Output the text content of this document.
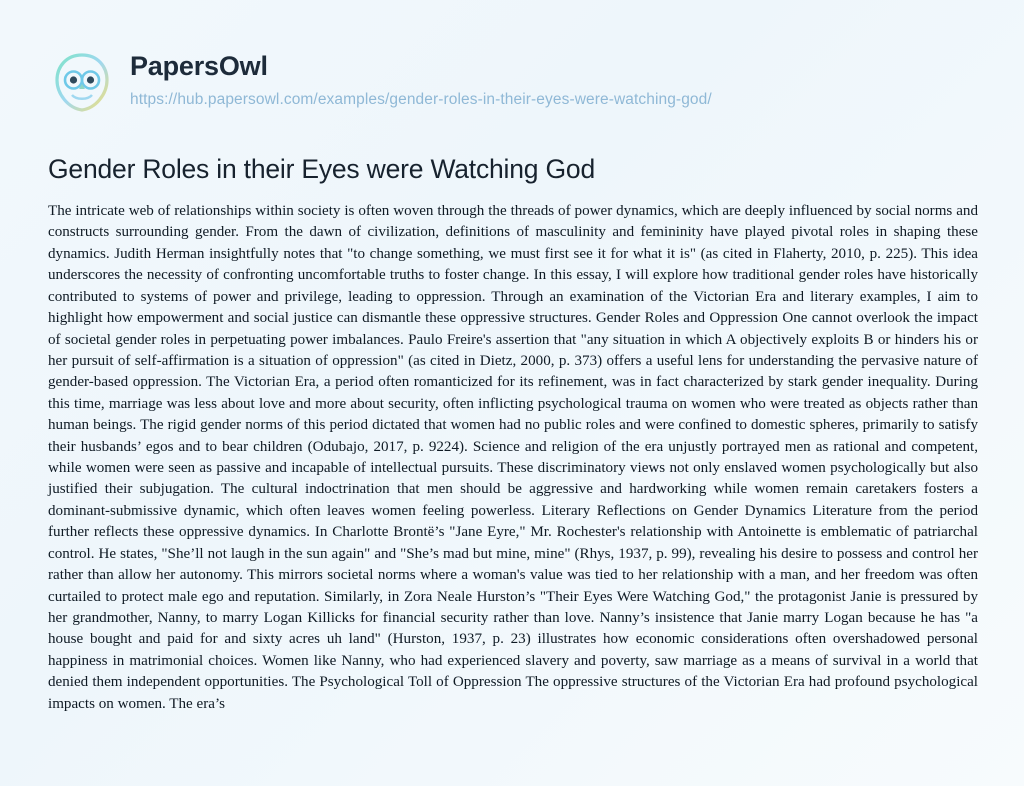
PapersOwl
https://hub.papersowl.com/examples/gender-roles-in-their-eyes-were-watching-god/
Gender Roles in their Eyes were Watching God
The intricate web of relationships within society is often woven through the threads of power dynamics, which are deeply influenced by social norms and constructs surrounding gender. From the dawn of civilization, definitions of masculinity and femininity have played pivotal roles in shaping these dynamics. Judith Herman insightfully notes that "to change something, we must first see it for what it is" (as cited in Flaherty, 2010, p. 225). This idea underscores the necessity of confronting uncomfortable truths to foster change. In this essay, I will explore how traditional gender roles have historically contributed to systems of power and privilege, leading to oppression. Through an examination of the Victorian Era and literary examples, I aim to highlight how empowerment and social justice can dismantle these oppressive structures. Gender Roles and Oppression One cannot overlook the impact of societal gender roles in perpetuating power imbalances. Paulo Freire's assertion that "any situation in which A objectively exploits B or hinders his or her pursuit of self-affirmation is a situation of oppression" (as cited in Dietz, 2000, p. 373) offers a useful lens for understanding the pervasive nature of gender-based oppression. The Victorian Era, a period often romanticized for its refinement, was in fact characterized by stark gender inequality. During this time, marriage was less about love and more about security, often inflicting psychological trauma on women who were treated as objects rather than human beings. The rigid gender norms of this period dictated that women had no public roles and were confined to domestic spheres, primarily to satisfy their husbands’ egos and to bear children (Odubajo, 2017, p. 9224). Science and religion of the era unjustly portrayed men as rational and competent, while women were seen as passive and incapable of intellectual pursuits. These discriminatory views not only enslaved women psychologically but also justified their subjugation. The cultural indoctrination that men should be aggressive and hardworking while women remain caretakers fosters a dominant-submissive dynamic, which often leaves women feeling powerless. Literary Reflections on Gender Dynamics Literature from the period further reflects these oppressive dynamics. In Charlotte Brontë’s "Jane Eyre," Mr. Rochester's relationship with Antoinette is emblematic of patriarchal control. He states, "She’ll not laugh in the sun again" and "She’s mad but mine, mine" (Rhys, 1937, p. 99), revealing his desire to possess and control her rather than allow her autonomy. This mirrors societal norms where a woman's value was tied to her relationship with a man, and her freedom was often curtailed to protect male ego and reputation. Similarly, in Zora Neale Hurston’s "Their Eyes Were Watching God," the protagonist Janie is pressured by her grandmother, Nanny, to marry Logan Killicks for financial security rather than love. Nanny’s insistence that Janie marry Logan because he has "a house bought and paid for and sixty acres uh land" (Hurston, 1937, p. 23) illustrates how economic considerations often overshadowed personal happiness in matrimonial choices. Women like Nanny, who had experienced slavery and poverty, saw marriage as a means of survival in a world that denied them independent opportunities. The Psychological Toll of Oppression The oppressive structures of the Victorian Era had profound psychological impacts on women. The era’s
